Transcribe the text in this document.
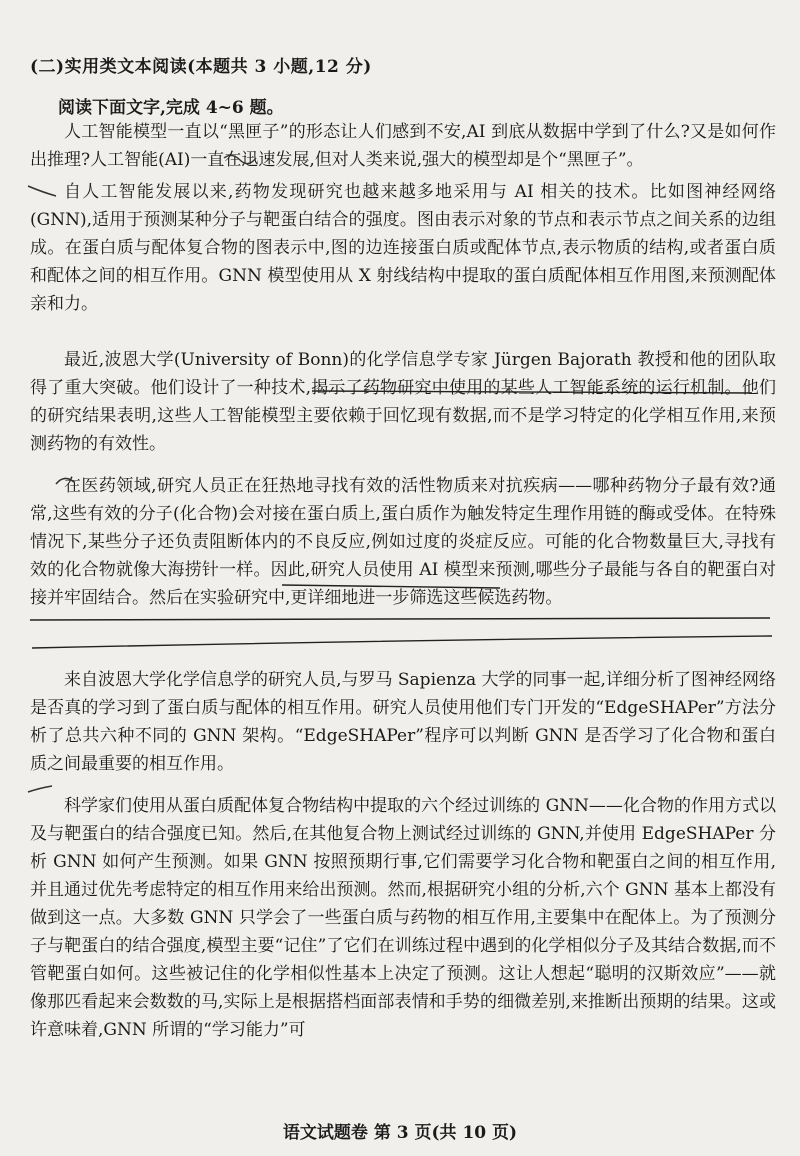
(二)实用类文本阅读(本题共 3 小题,12 分)
阅读下面文字,完成 4~6 题。

人工智能模型一直以“黑匣子”的形态让人们感到不安,AI 到底从数据中学到了什么?又是如何作出推理?人工智能(AI)一直在迅速发展,但对人类来说,强大的模型却是个“黑匣子”。

自人工智能发展以来,药物发现研究也越来越多地采用与 AI 相关的技术。比如图神经网络(GNN),适用于预测某种分子与靶蛋白结合的强度。图由表示对象的节点和表示节点之间关系的边组成。在蛋白质与配体复合物的图表示中,图的边连接蛋白质或配体节点,表示物质的结构,或者蛋白质和配体之间的相互作用。GNN 模型使用从 X 射线结构中提取的蛋白质配体相互作用图,来预测配体亲和力。

最近,波恩大学(University of Bonn)的化学信息学专家 Jürgen Bajorath 教授和他的团队取得了重大突破。他们设计了一种技术,揭示了药物研究中使用的某些人工智能系统的运行机制。他们的研究结果表明,这些人工智能模型主要依赖于回忆现有数据,而不是学习特定的化学相互作用,来预测药物的有效性。

在医药领域,研究人员正在狂热地寻找有效的活性物质来对抗疾病——哪种药物分子最有效?通常,这些有效的分子(化合物)会对接在蛋白质上,蛋白质作为触发特定生理作用链的酶或受体。在特殊情况下,某些分子还负责阻断体内的不良反应,例如过度的炎症反应。可能的化合物数量巨大,寻找有效的化合物就像大海捞针一样。因此,研究人员使用 AI 模型来预测,哪些分子最能与各自的靶蛋白对接并牢固结合。然后在实验研究中,更详细地进一步筛选这些候选药物。

来自波恩大学化学信息学的研究人员,与罗马 Sapienza 大学的同事一起,详细分析了图神经网络是否真的学习到了蛋白质与配体的相互作用。研究人员使用他们专门开发的“EdgeSHAPer”方法分析了总共六种不同的 GNN 架构。“EdgeSHAPer”程序可以判断 GNN 是否学习了化合物和蛋白质之间最重要的相互作用。

科学家们使用从蛋白质配体复合物结构中提取的六个经过训练的 GNN——化合物的作用方式以及与靶蛋白的结合强度已知。然后,在其他复合物上测试经过训练的 GNN,并使用 EdgeSHAPer 分析 GNN 如何产生预测。如果 GNN 按照预期行事,它们需要学习化合物和靶蛋白之间的相互作用,并且通过优先考虑特定的相互作用来给出预测。然而,根据研究小组的分析,六个 GNN 基本上都没有做到这一点。大多数 GNN 只学会了一些蛋白质与药物的相互作用,主要集中在配体上。为了预测分子与靶蛋白的结合强度,模型主要“记住”了它们在训练过程中遇到的化学相似分子及其结合数据,而不管靶蛋白如何。这些被记住的化学相似性基本上决定了预测。这让人想起“聪明的汉斯效应”——就像那匹看起来会数数的马,实际上是根据搭档面部表情和手势的细微差别,来推断出预期的结果。这或许意味着,GNN 所谓的“学习能力”可

语文试题卷 第 3 页(共 10 页)
